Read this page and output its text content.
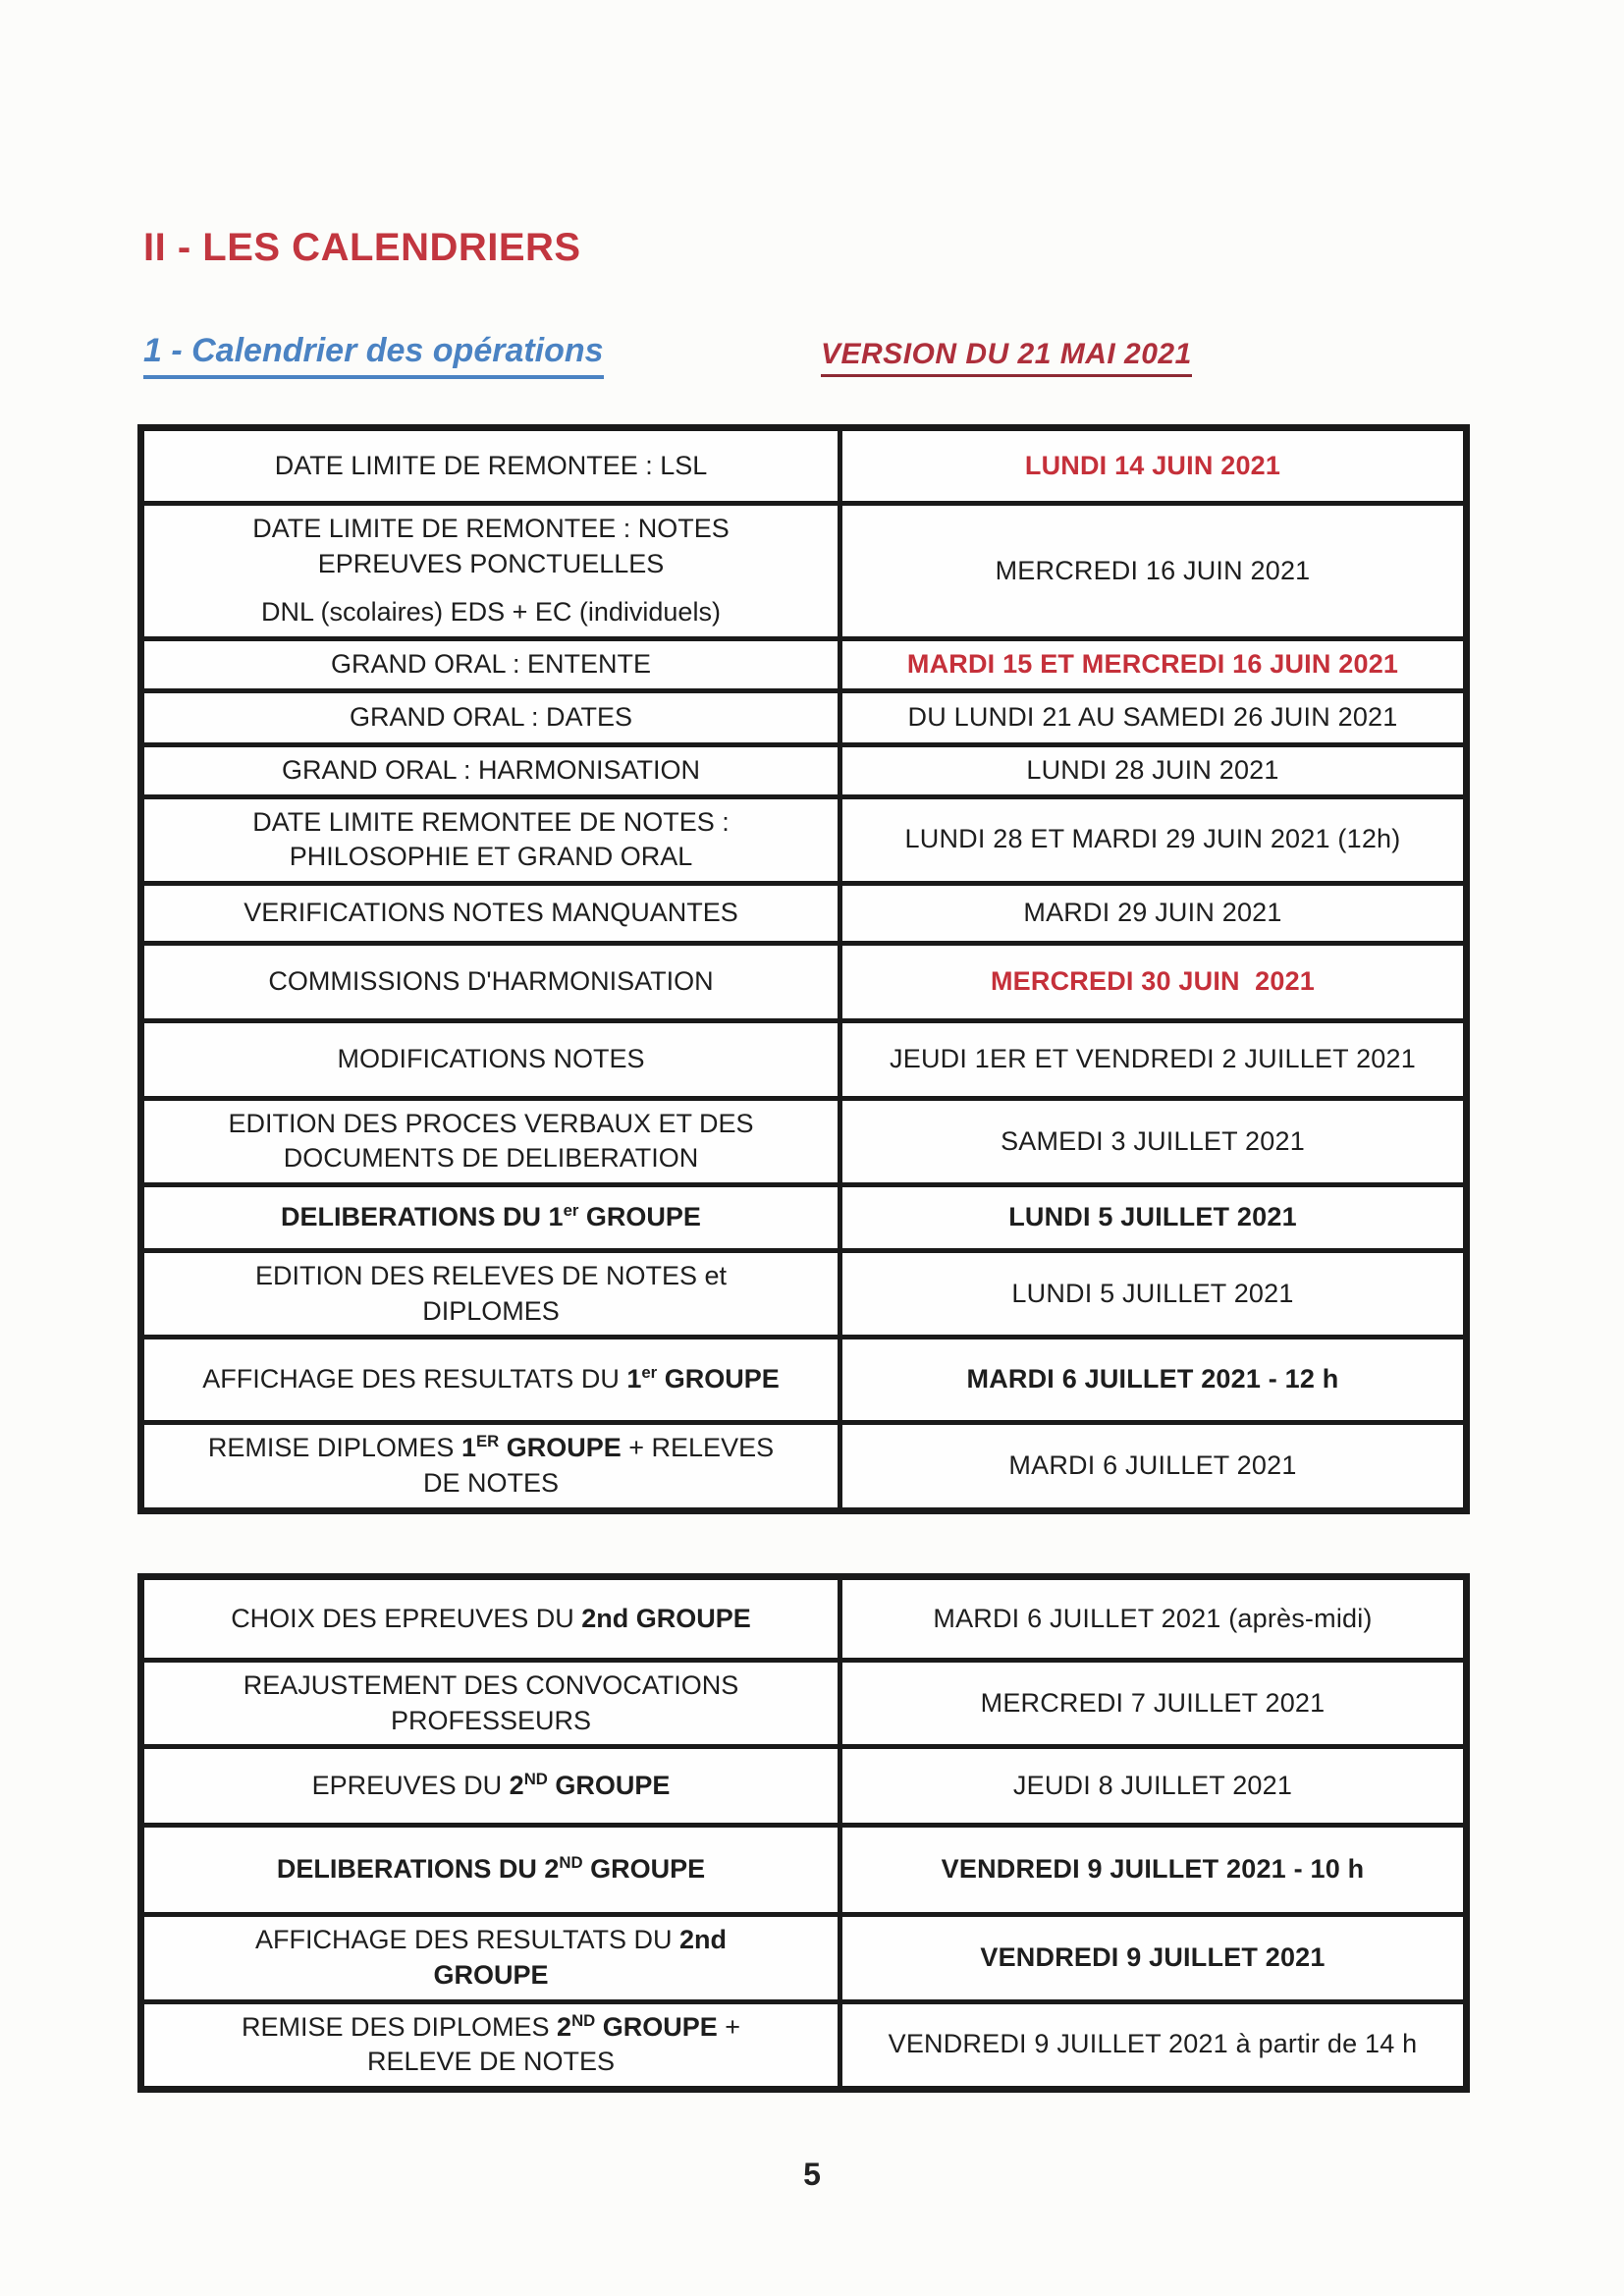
II - LES CALENDRIERS
1 - Calendrier des opérations	VERSION DU 21 MAI 2021
DATE LIMITE DE REMONTEE : LSL	LUNDI 14 JUIN 2021
DATE LIMITE DE REMONTEE : NOTES
EPREUVES PONCTUELLES

DNL (scolaires) EDS + EC (individuels)	MERCREDI 16 JUIN 2021
GRAND ORAL : ENTENTE	MARDI 15 ET MERCREDI 16 JUIN 2021
GRAND ORAL : DATES	DU LUNDI 21 AU SAMEDI 26 JUIN 2021
GRAND ORAL : HARMONISATION	LUNDI 28 JUIN 2021
DATE LIMITE REMONTEE DE NOTES :
PHILOSOPHIE ET GRAND ORAL	LUNDI 28 ET MARDI 29 JUIN 2021 (12h)
VERIFICATIONS NOTES MANQUANTES	MARDI 29 JUIN 2021
COMMISSIONS D'HARMONISATION	MERCREDI 30 JUIN  2021
MODIFICATIONS NOTES	JEUDI 1ER ET VENDREDI 2 JUILLET 2021
EDITION DES PROCES VERBAUX ET DES
DOCUMENTS DE DELIBERATION	SAMEDI 3 JUILLET 2021
DELIBERATIONS DU 1er GROUPE	LUNDI 5 JUILLET 2021
EDITION DES RELEVES DE NOTES et
DIPLOMES	LUNDI 5 JUILLET 2021
AFFICHAGE DES RESULTATS DU 1er GROUPE	MARDI 6 JUILLET 2021 - 12 h
REMISE DIPLOMES 1ER GROUPE + RELEVES
DE NOTES	MARDI 6 JUILLET 2021
CHOIX DES EPREUVES DU 2nd GROUPE	MARDI 6 JUILLET 2021 (après-midi)
REAJUSTEMENT DES CONVOCATIONS
PROFESSEURS	MERCREDI 7 JUILLET 2021
EPREUVES DU 2ND GROUPE	JEUDI 8 JUILLET 2021
DELIBERATIONS DU 2ND GROUPE	VENDREDI 9 JUILLET 2021 - 10 h
AFFICHAGE DES RESULTATS DU 2nd
GROUPE	VENDREDI 9 JUILLET 2021
REMISE DES DIPLOMES 2ND GROUPE +
RELEVE DE NOTES	VENDREDI 9 JUILLET 2021 à partir de 14 h
5
